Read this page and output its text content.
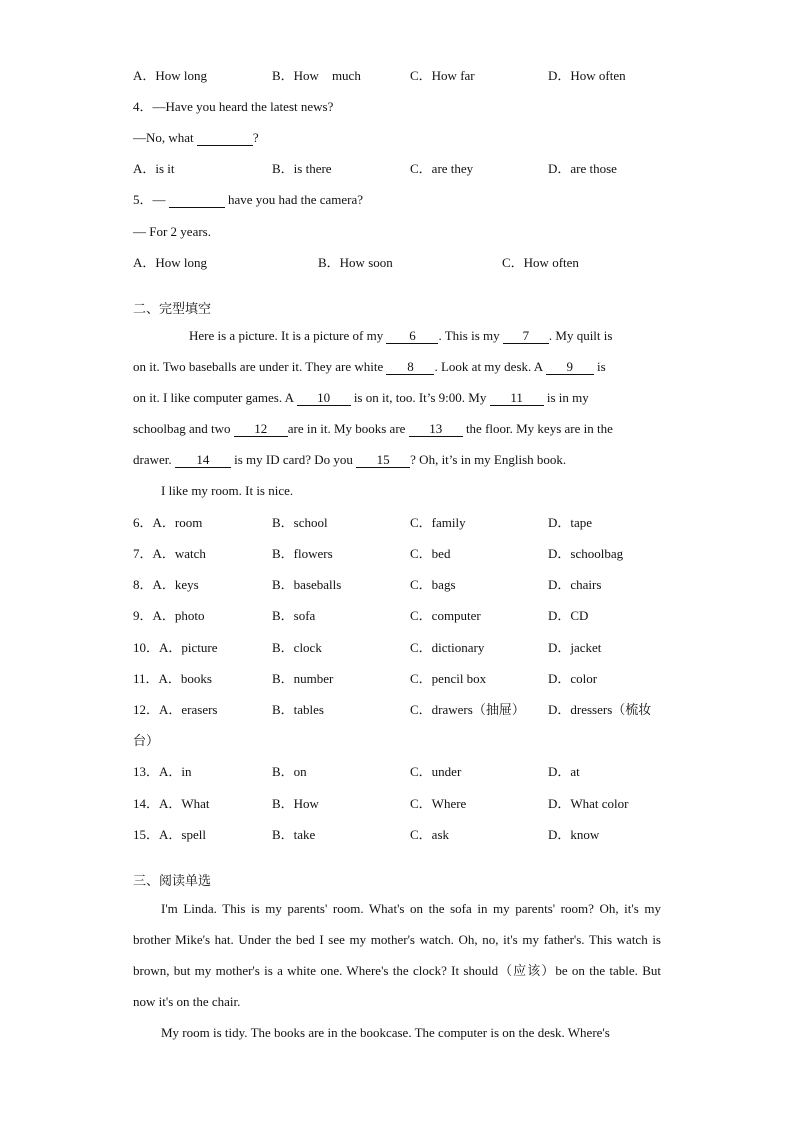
A．How long	B．How　much	C．How far	D．How often
4．—Have you heard the latest news?
—No, what	?
A．is it	B．is there	C．are they	D．are those
5．—	have you had the camera?
— For 2 years.
A．How long	B．How soon	C．How often
二、完型填空
Here is a picture. It is a picture of my 6 . This is my 7 . My quilt is
on it. Two baseballs are under it. They are white 8 . Look at my desk. A 9 is
on it. I like computer games. A 10 is on it, too. It’s 9:00. My 11 is in my
schoolbag and two 12 are in it. My books are 13 the floor. My keys are in the
drawer. 14 is my ID card? Do you 15 ? Oh, it’s in my English book.
I like my room. It is nice.
6．A．room	B．school	C．family	D．tape
7．A．watch	B．flowers	C．bed	D．schoolbag
8．A．keys	B．baseballs	C．bags	D．chairs
9．A．photo	B．sofa	C．computer	D．CD
10．A．picture	B．clock	C．dictionary	D．jacket
11．A．books	B．number	C．pencil box	D．color
12．A．erasers	B．tables	C．drawers（抽屉） D．dressers（梳妆
台）
13．A．in	B．on	C．under	D．at
14．A．What	B．How	C．Where	D．What color
15．A．spell	B．take	C．ask	D．know
三、阅读单选
I'm Linda. This is my parents' room. What's on the sofa in my parents' room? Oh, it's my brother Mike's hat. Under the bed I see my mother's watch. Oh, no, it's my father's. This watch is brown, but my mother's is a white one. Where's the clock? It should（应该）be on the table. But now it's on the chair.
My room is tidy. The books are in the bookcase. The computer is on the desk. Where's
